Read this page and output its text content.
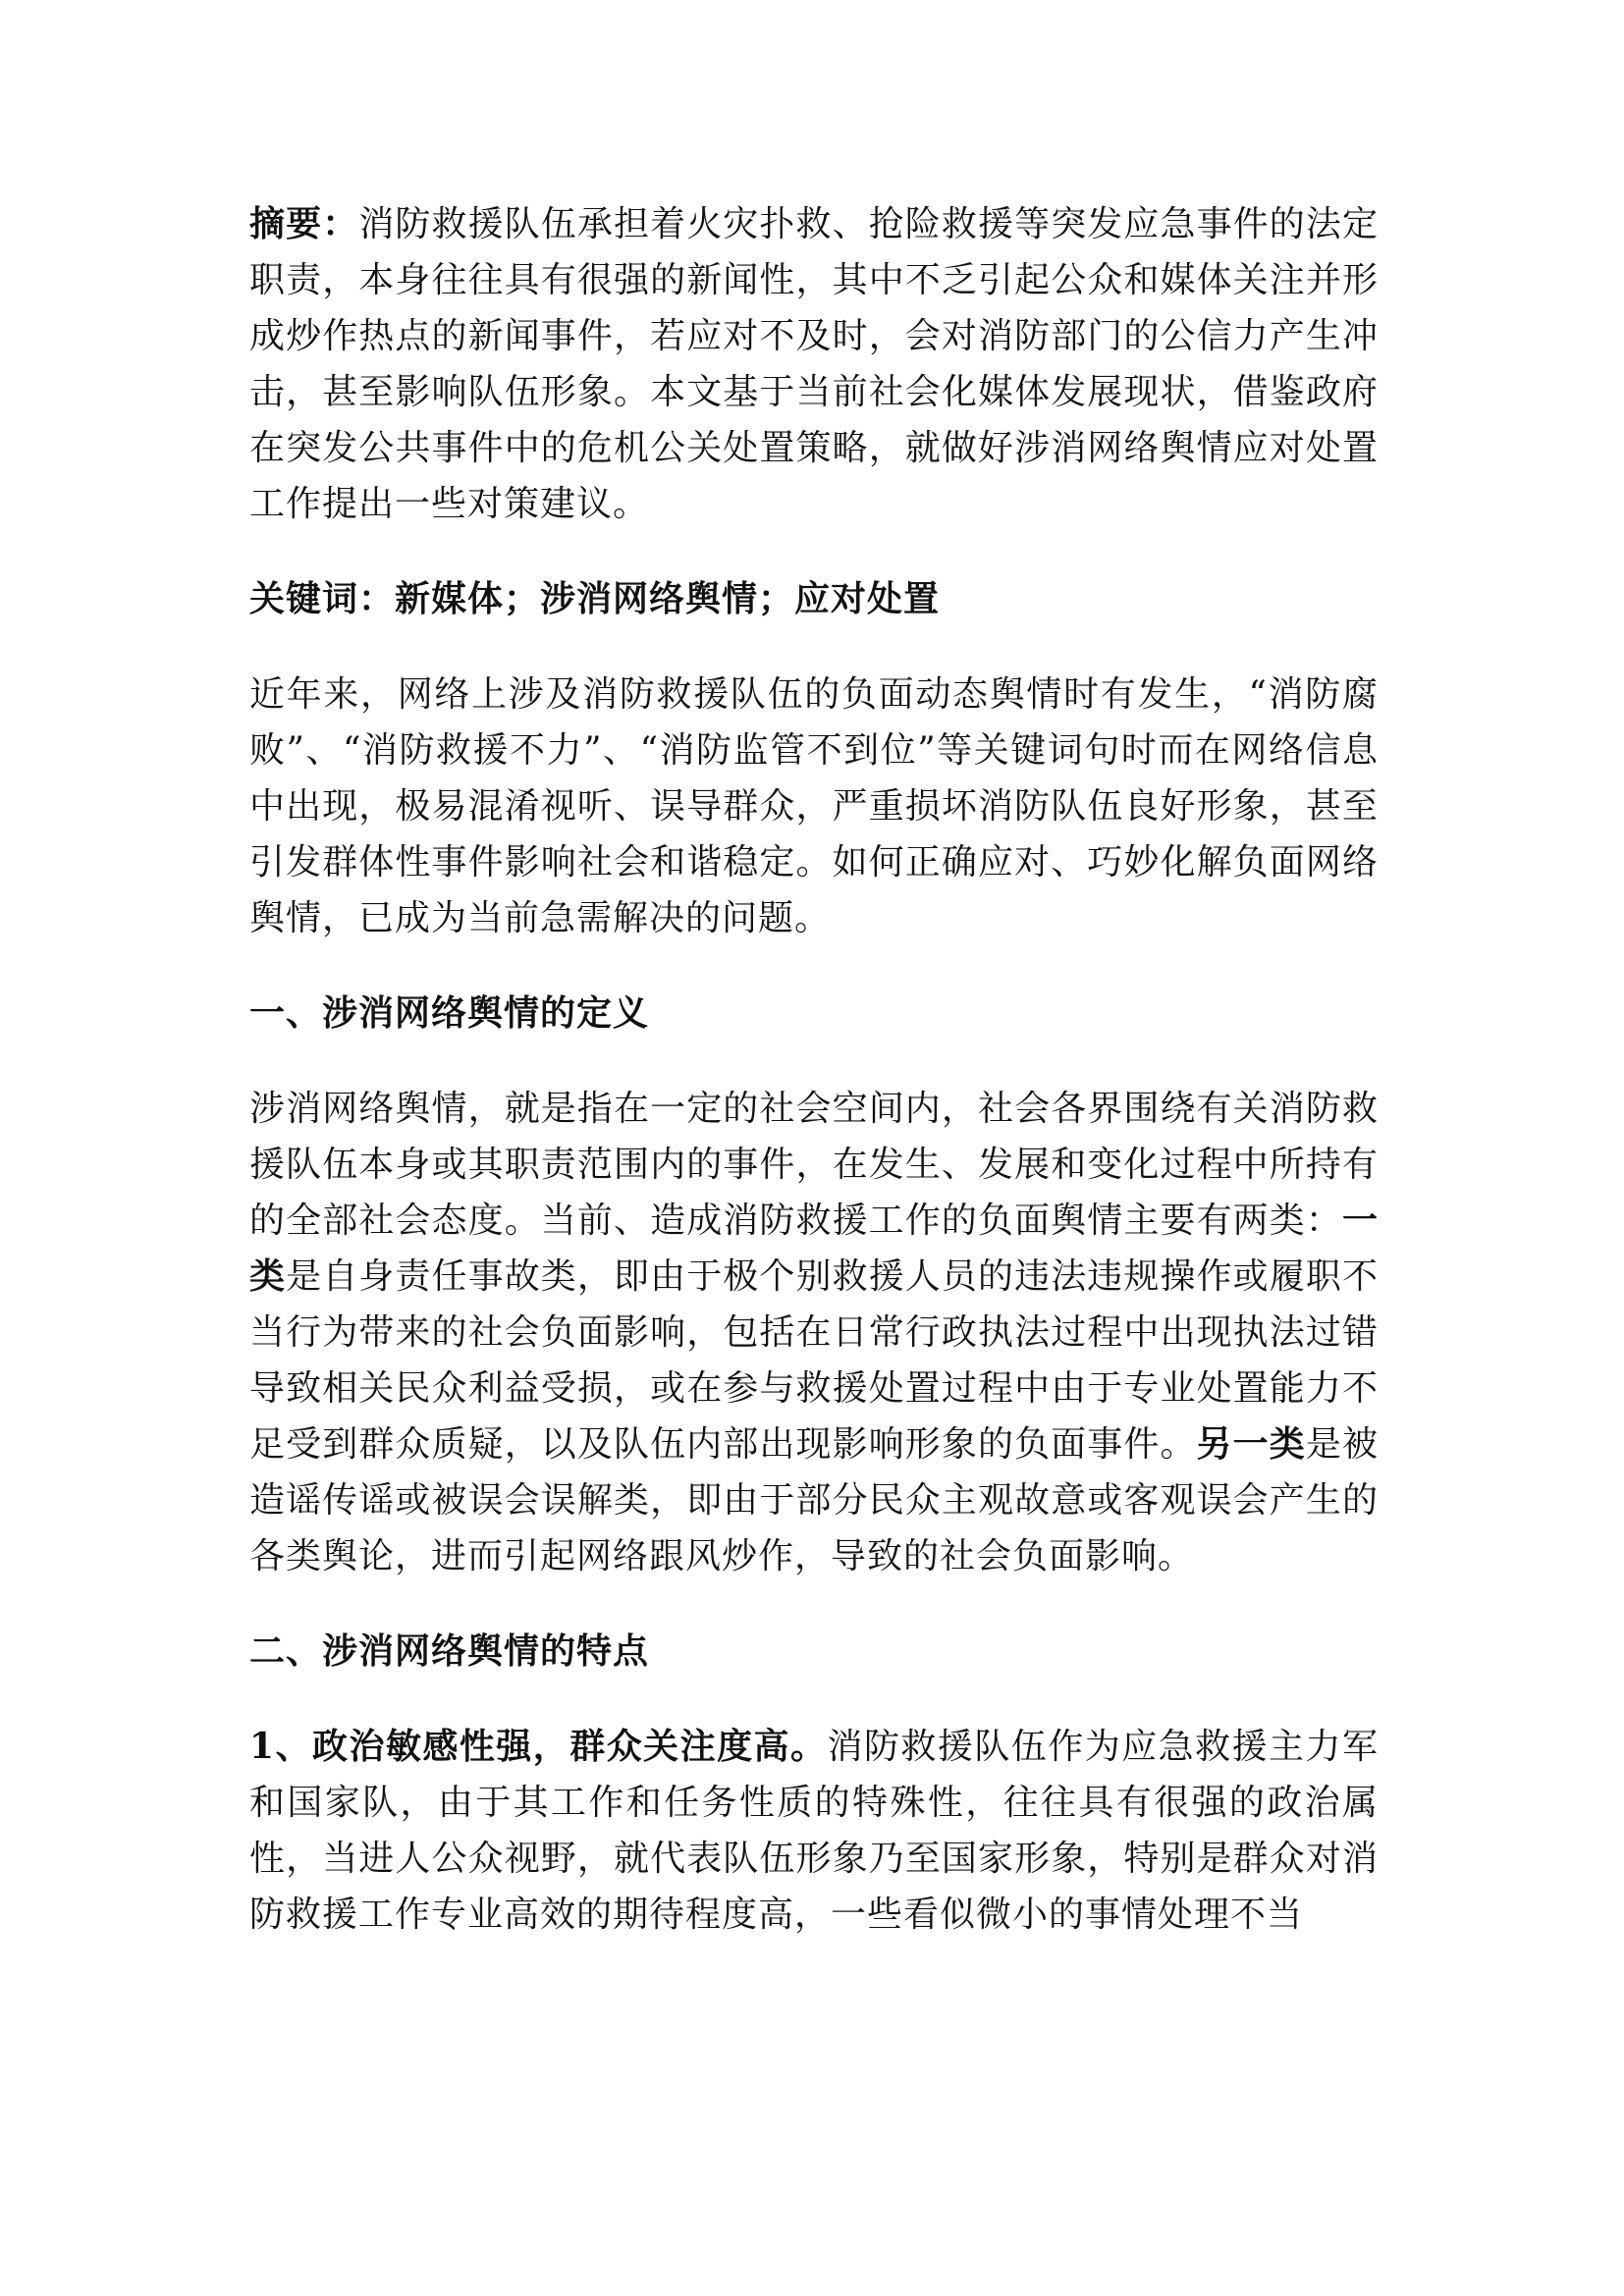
摘要：消防救援队伍承担着火灾扑救、抢险救援等突发应急事件的法定职责，本身往往具有很强的新闻性，其中不乏引起公众和媒体关注并形成炒作热点的新闻事件，若应对不及时，会对消防部门的公信力产生冲击，甚至影响队伍形象。本文基于当前社会化媒体发展现状，借鉴政府在突发公共事件中的危机公关处置策略，就做好涉消网络舆情应对处置工作提出一些对策建议。

关键词：新媒体；涉消网络舆情；应对处置

近年来，网络上涉及消防救援队伍的负面动态舆情时有发生，“消防腐败”、“消防救援不力”、“消防监管不到位”等关键词句时而在网络信息中出现，极易混淆视听、误导群众，严重损坏消防队伍良好形象，甚至引发群体性事件影响社会和谐稳定。如何正确应对、巧妙化解负面网络舆情，已成为当前急需解决的问题。

一、涉消网络舆情的定义

涉消网络舆情，就是指在一定的社会空间内，社会各界围绕有关消防救援队伍本身或其职责范围内的事件，在发生、发展和变化过程中所持有的全部社会态度。当前、造成消防救援工作的负面舆情主要有两类：一类是自身责任事故类，即由于极个别救援人员的违法违规操作或履职不当行为带来的社会负面影响，包括在日常行政执法过程中出现执法过错导致相关民众利益受损，或在参与救援处置过程中由于专业处置能力不足受到群众质疑，以及队伍内部出现影响形象的负面事件。另一类是被造谣传谣或被误会误解类，即由于部分民众主观故意或客观误会产生的各类舆论，进而引起网络跟风炒作，导致的社会负面影响。

二、涉消网络舆情的特点

1、政治敏感性强，群众关注度高。消防救援队伍作为应急救援主力军和国家队，由于其工作和任务性质的特殊性，往往具有很强的政治属性，当进人公众视野，就代表队伍形象乃至国家形象，特别是群众对消防救援工作专业高效的期待程度高，一些看似微小的事情处理不当
